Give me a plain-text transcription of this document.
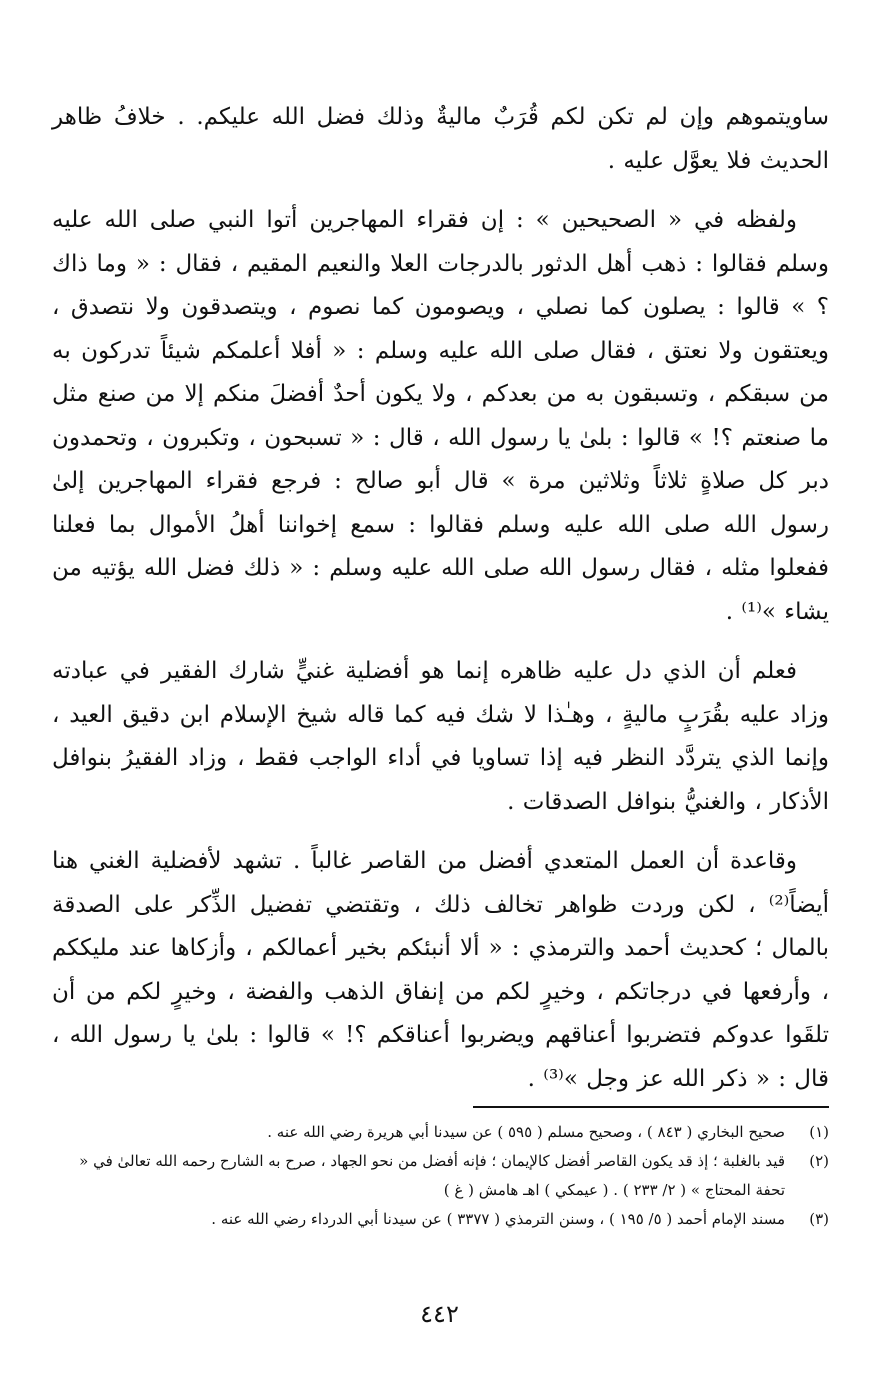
ساويتموهم وإن لم تكن لكم قُرَبٌ ماليةٌ وذلك فضل الله عليكم. . خلافُ ظاهر الحديث فلا يعوَّل عليه .

ولفظه في « الصحيحين » : إن فقراء المهاجرين أتوا النبي صلى الله عليه وسلم فقالوا : ذهب أهل الدثور بالدرجات العلا والنعيم المقيم ، فقال : « وما ذاك ؟ » قالوا : يصلون كما نصلي ، ويصومون كما نصوم ، ويتصدقون ولا نتصدق ، ويعتقون ولا نعتق ، فقال صلى الله عليه وسلم : « أفلا أعلمكم شيئاً تدركون به من سبقكم ، وتسبقون به من بعدكم ، ولا يكون أحدٌ أفضلَ منكم إلا من صنع مثل ما صنعتم ؟! » قالوا : بلىٰ يا رسول الله ، قال : « تسبحون ، وتكبرون ، وتحمدون دبر كل صلاةٍ ثلاثاً وثلاثين مرة » قال أبو صالح : فرجع فقراء المهاجرين إلىٰ رسول الله صلى الله عليه وسلم فقالوا : سمع إخواننا أهلُ الأموال بما فعلنا ففعلوا مثله ، فقال رسول الله صلى الله عليه وسلم : « ذلك فضل الله يؤتيه من يشاء »⁽¹⁾ .

فعلم أن الذي دل عليه ظاهره إنما هو أفضلية غنيٍّ شارك الفقير في عبادته وزاد عليه بقُرَبٍ ماليةٍ ، وهـٰذا لا شك فيه كما قاله شيخ الإسلام ابن دقيق العيد ، وإنما الذي يتردَّد النظر فيه إذا تساويا في أداء الواجب فقط ، وزاد الفقيرُ بنوافل الأذكار ، والغنيُّ بنوافل الصدقات .

وقاعدة أن العمل المتعدي أفضل من القاصر غالباً . تشهد لأفضلية الغني هنا أيضاً⁽²⁾ ، لكن وردت ظواهر تخالف ذلك ، وتقتضي تفضيل الذِّكر على الصدقة بالمال ؛ كحديث أحمد والترمذي : « ألا أنبئكم بخير أعمالكم ، وأزكاها عند مليككم ، وأرفعها في درجاتكم ، وخيرٍ لكم من إنفاق الذهب والفضة ، وخيرٍ لكم من أن تلقَوا عدوكم فتضربوا أعناقهم ويضربوا أعناقكم ؟! » قالوا : بلىٰ يا رسول الله ، قال : « ذكر الله عز وجل »⁽³⁾ .

(١)
صحيح البخاري ( ٨٤٣ ) ، وصحيح مسلم ( ٥٩٥ ) عن سيدنا أبي هريرة رضي الله عنه .
(٢)
قيد بالغلبة ؛ إذ قد يكون القاصر أفضل كالإيمان ؛ فإنه أفضل من نحو الجهاد ، صرح به الشارح رحمه الله تعالىٰ في « تحفة المحتاج » ( ٢/ ٢٣٣ ) . ( عيمكي ) اهـ هامش ( غ )
(٣)
مسند الإمام أحمد ( ٥/ ١٩٥ ) ، وسنن الترمذي ( ٣٣٧٧ ) عن سيدنا أبي الدرداء رضي الله عنه .
٤٤٢
